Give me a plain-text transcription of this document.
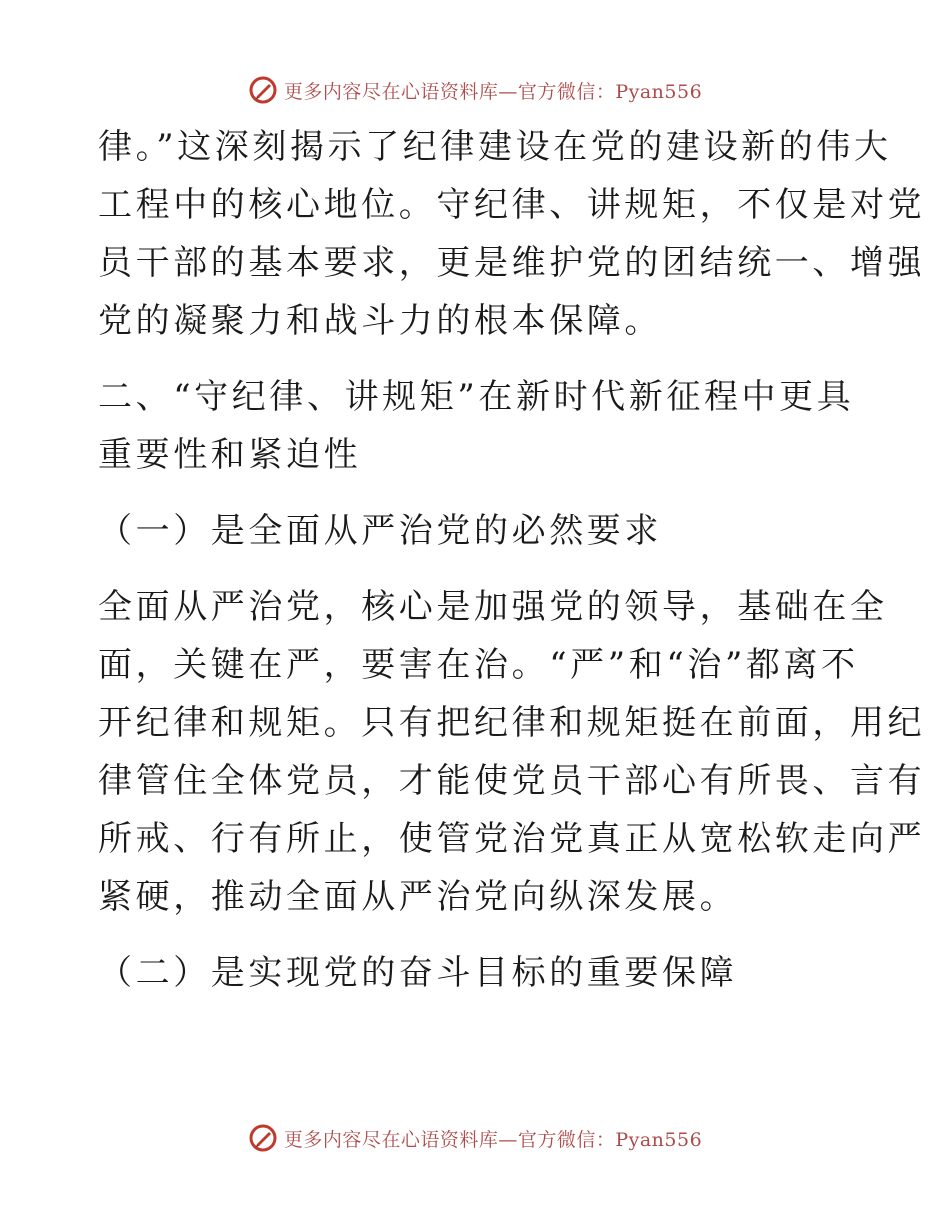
更多内容尽在心语资料库—官方微信：Pyan556
律。”这深刻揭示了纪律建设在党的建设新的伟大
工程中的核心地位。守纪律、讲规矩，不仅是对党
员干部的基本要求，更是维护党的团结统一、增强
党的凝聚力和战斗力的根本保障。
二、“守纪律、讲规矩”在新时代新征程中更具
重要性和紧迫性
（一）是全面从严治党的必然要求
全面从严治党，核心是加强党的领导，基础在全
面，关键在严，要害在治。“严”和“治”都离不
开纪律和规矩。只有把纪律和规矩挺在前面，用纪
律管住全体党员，才能使党员干部心有所畏、言有
所戒、行有所止，使管党治党真正从宽松软走向严
紧硬，推动全面从严治党向纵深发展。
（二）是实现党的奋斗目标的重要保障
更多内容尽在心语资料库—官方微信：Pyan556
